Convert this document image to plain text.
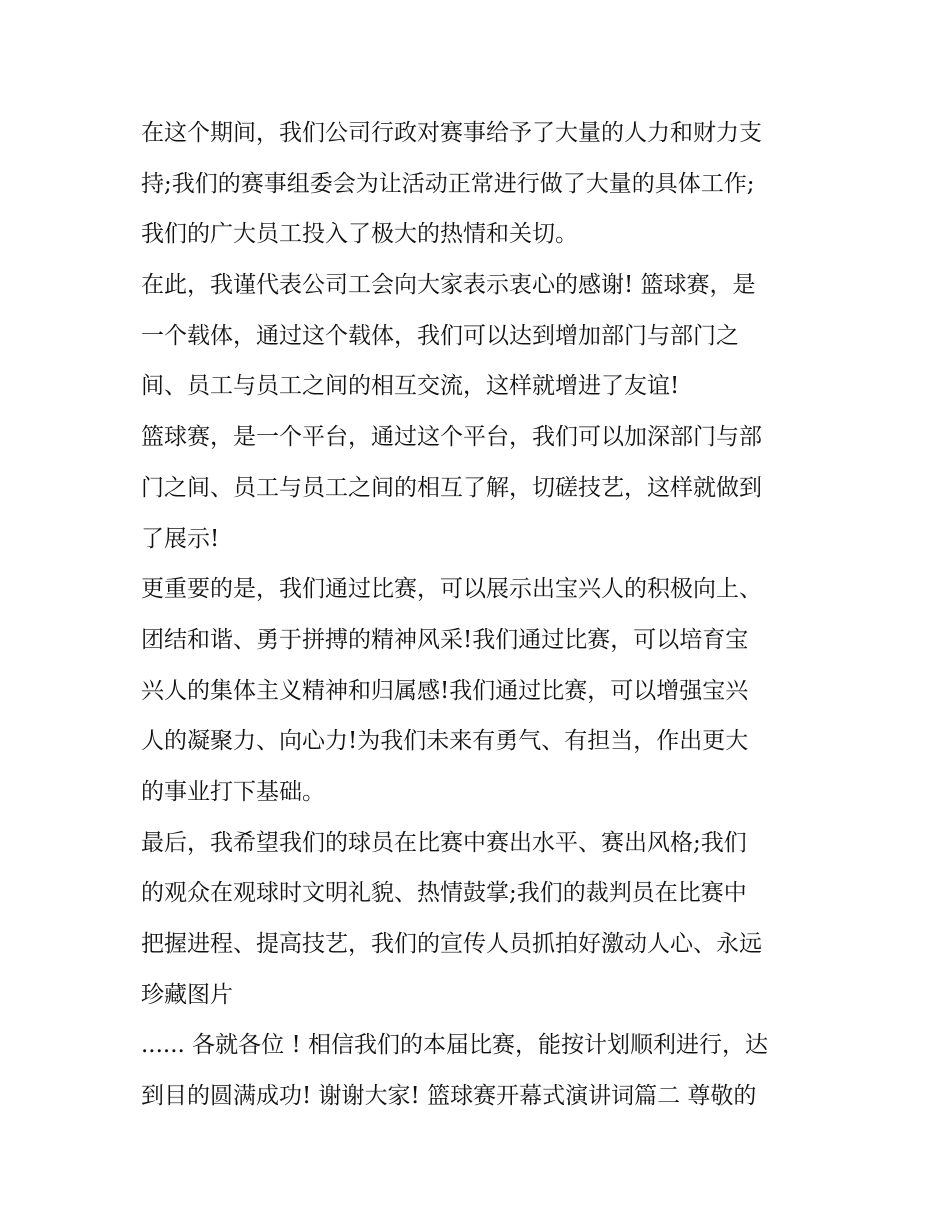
在这个期间，我们公司行政对赛事给予了大量的人力和财力支
持;我们的赛事组委会为让活动正常进行做了大量的具体工作;
我们的广大员工投入了极大的热情和关切。
在此，我谨代表公司工会向大家表示衷心的感谢! 篮球赛，是
一个载体，通过这个载体，我们可以达到增加部门与部门之
间、员工与员工之间的相互交流，这样就增进了友谊!
篮球赛，是一个平台，通过这个平台，我们可以加深部门与部
门之间、员工与员工之间的相互了解，切磋技艺，这样就做到
了展示!
更重要的是，我们通过比赛，可以展示出宝兴人的积极向上、
团结和谐、勇于拼搏的精神风采!我们通过比赛，可以培育宝
兴人的集体主义精神和归属感!我们通过比赛，可以增强宝兴
人的凝聚力、向心力!为我们未来有勇气、有担当，作出更大
的事业打下基础。
最后，我希望我们的球员在比赛中赛出水平、赛出风格;我们
的观众在观球时文明礼貌、热情鼓掌;我们的裁判员在比赛中
把握进程、提高技艺，我们的宣传人员抓拍好激动人心、永远
珍藏图片
...... 各就各位 ! 相信我们的本届比赛，能按计划顺利进行，达
到目的圆满成功! 谢谢大家! 篮球赛开幕式演讲词篇二 尊敬的
